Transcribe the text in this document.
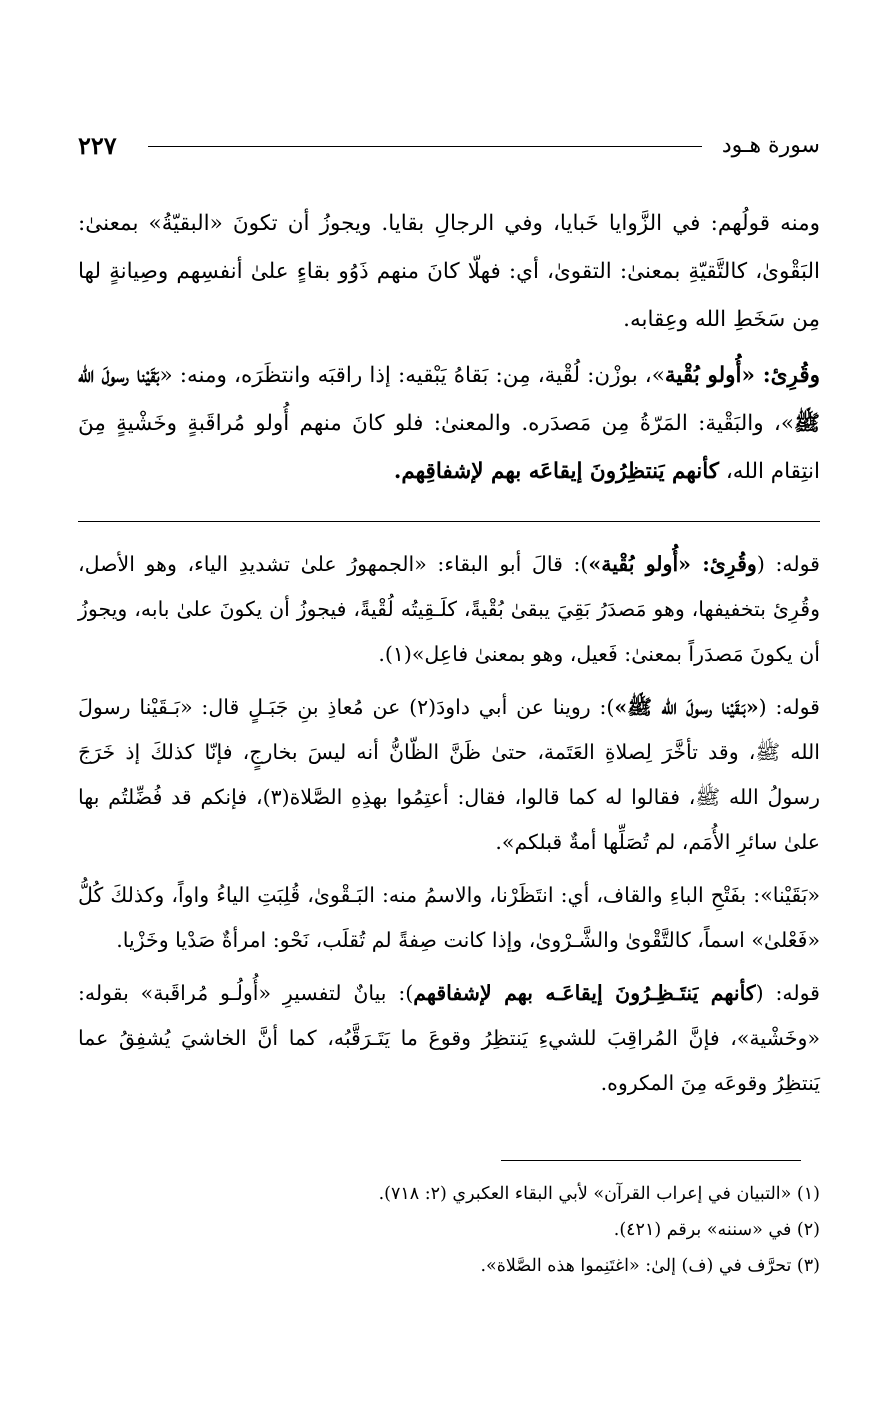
سورة هـود
٢٢٧

ومنه قولُهم: في الزَّوايا خَبايا، وفي الرجالِ بقايا. ويجوزُ أن تكونَ «البقيّةُ» بمعنىٰ: البَقْوىٰ، كالتَّقيّةِ بمعنىٰ: التقوىٰ، أي: فهلّا كانَ منهم ذَوُو بقاءٍ علىٰ أنفسِهم وصِيانةٍ لها مِن سَخَطِ الله وعِقابه.

وقُرِئ: «أُولو بُقْية»، بوزْن: لُقْية، مِن: بَقاهُ يَبْقيه: إذا راقبَه وانتظَرَه، ومنه: «بَقَيْنا رسولَ الله ﷺ»، والبَقْية: المَرّةُ مِن مَصدَره. والمعنىٰ: فلو كانَ منهم أُولو مُراقَبةٍ وخَشْيةٍ مِنَ انتِقام الله، كأنهم يَنتظِرُونَ إيقاعَه بهم لإشفاقِهم.

قوله: (وقُرِئ: «أُولو بُقْية»): قالَ أبو البقاء: «الجمهورُ علىٰ تشديدِ الياء، وهو الأصل، وقُرِئ بتخفيفها، وهو مَصدَرُ بَقِيَ يبقىٰ بُقْيةً، كلَـقِيتُه لُقْيةً، فيجوزُ أن يكونَ علىٰ بابه، ويجوزُ أن يكونَ مَصدَراً بمعنىٰ: فَعيل، وهو بمعنىٰ فاعِل»(١).

قوله: («بَـقَيْنا رسولَ الله ﷺ»): روينا عن أبي داودَ(٢) عن مُعاذِ بنِ جَبَـلٍ قال: «بَـقَيْنا رسولَ الله ﷺ، وقد تأخَّرَ لِصلاةِ العَتَمة، حتىٰ ظَنَّ الظّانُّ أنه ليسَ بخارجٍ، فإنّا كذلكَ إذ خَرَجَ رسولُ الله ﷺ، فقالوا له كما قالوا، فقال: أعتِمُوا بهذِهِ الصَّلاة(٣)، فإنكم قد فُضِّلتُم بها علىٰ سائرِ الأُمَم، لم تُصَلِّها أمةٌ قبلكم».

«بَقَيْنا»: بفَتْحِ الباءِ والقاف، أي: انتَظَرْنا، والاسمُ منه: البَـقْوىٰ، قُلِبَتِ الياءُ واواً، وكذلكَ كُلُّ «فَعْلىٰ» اسماً، كالتَّقْوىٰ والشَّـرْوىٰ، وإذا كانت صِفةً لم تُقلَب، نَحْو: امرأةٌ صَدْيا وخَزْيا.

قوله: (كأنهم يَنتَـظِـرُونَ إيقاعَـه بهم لإشفاقهم): بيانٌ لتفسيرِ «أُولُـو مُراقَبة» بقوله: «وخَشْية»، فإنَّ المُراقِبَ للشيءِ يَنتظِرُ وقوعَ ما يَتَـرَقَّبُه، كما أنَّ الخاشيَ يُشفِقُ عما يَنتظِرُ وقوعَه مِنَ المكروه.

(١) «التبيان في إعراب القرآن» لأبي البقاء العكبري (٢: ٧١٨).

(٢) في «سننه» برقم (٤٢١).

(٣) تحرَّف في (ف) إلىٰ: «اغتَنِموا هذه الصَّلاة».
